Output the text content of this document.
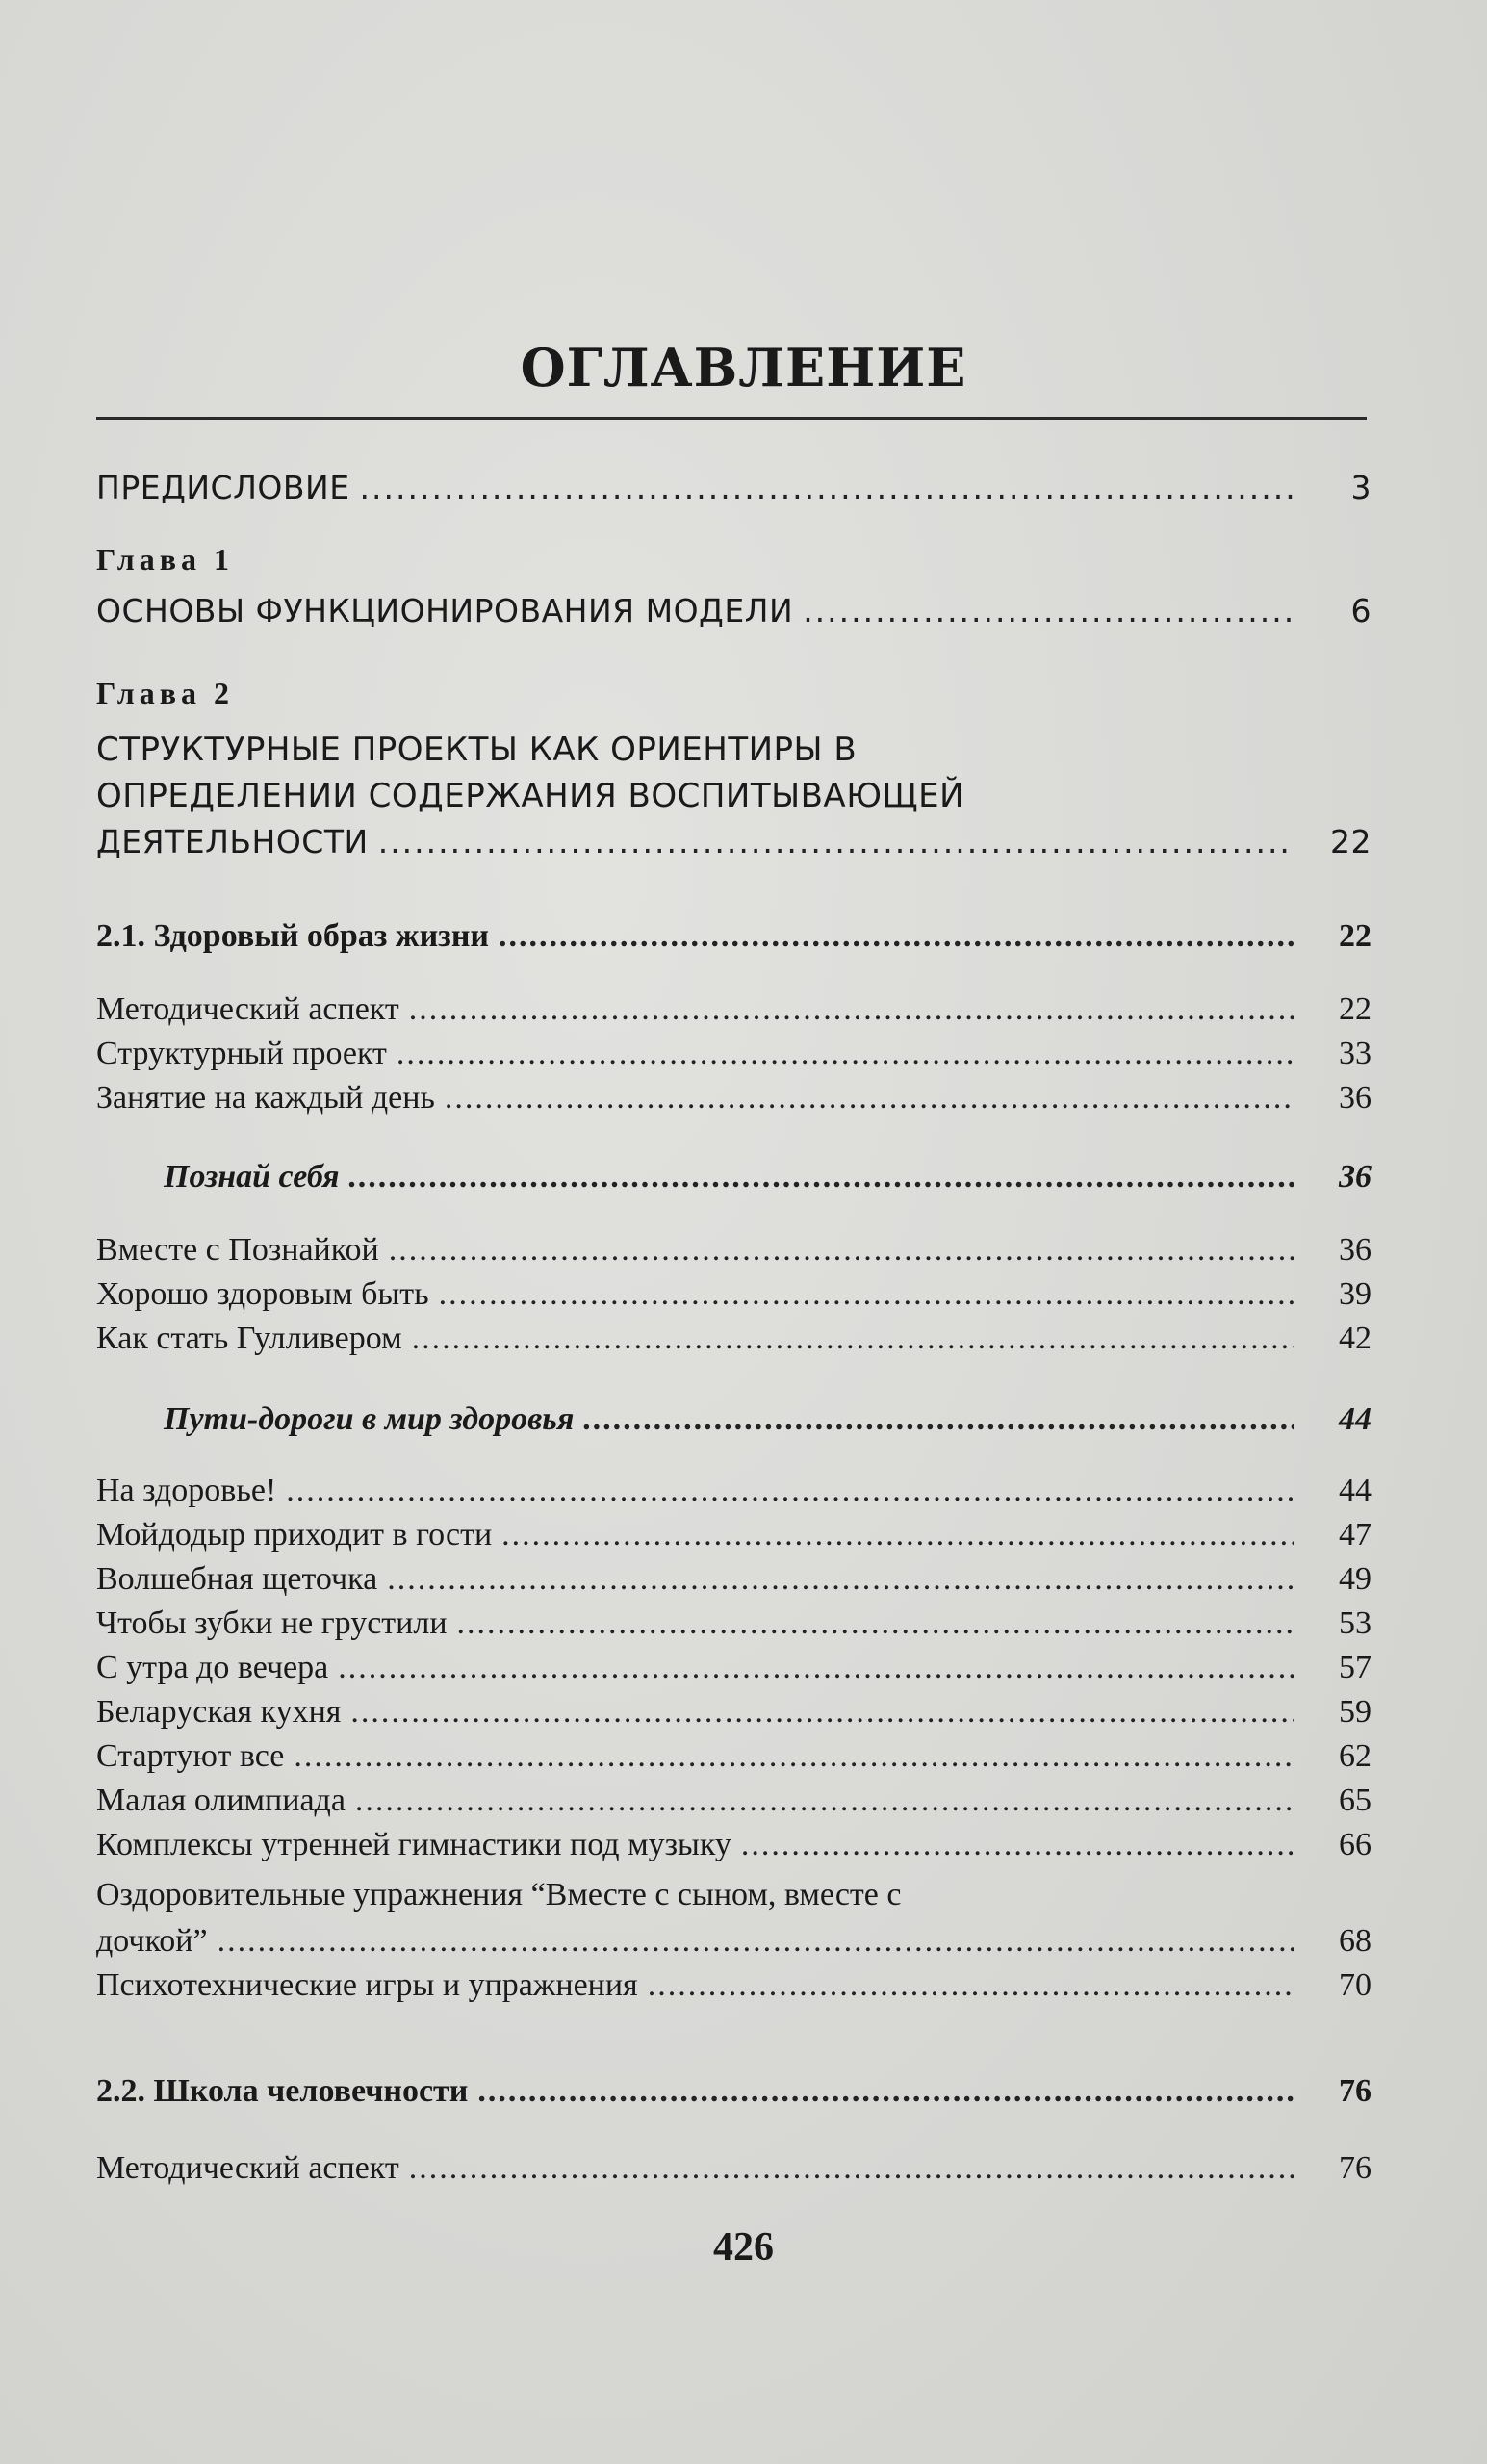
ОГЛАВЛЕНИЕ
ПРЕДИСЛОВИЕ .....	3
Глава 1
ОСНОВЫ ФУНКЦИОНИРОВАНИЯ МОДЕЛИ .....	6
Глава 2
СТРУКТУРНЫЕ ПРОЕКТЫ КАК ОРИЕНТИРЫ В
ОПРЕДЕЛЕНИИ СОДЕРЖАНИЯ ВОСПИТЫВАЮЩЕЙ
ДЕЯТЕЛЬНОСТИ .....	22
2.1. Здоровый образ жизни .....	22
Методический аспект .....	22
Структурный проект .....	33
Занятие на каждый день .....	36
Познай себя .....	36
Вместе с Познайкой .....	36
Хорошо здоровым быть .....	39
Как стать Гулливером .....	42
Пути-дороги в мир здоровья .....	44
На здоровье! .....	44
Мойдодыр приходит в гости .....	47
Волшебная щеточка .....	49
Чтобы зубки не грустили .....	53
С утра до вечера .....	57
Беларуская кухня .....	59
Стартуют все .....	62
Малая олимпиада .....	65
Комплексы утренней гимнастики под музыку .....	66
Оздоровительные упражнения “Вместе с сыном, вместе с
дочкой” .....	68
Психотехнические игры и упражнения .....	70
2.2. Школа человечности .....	76
Методический аспект .....	76
426
